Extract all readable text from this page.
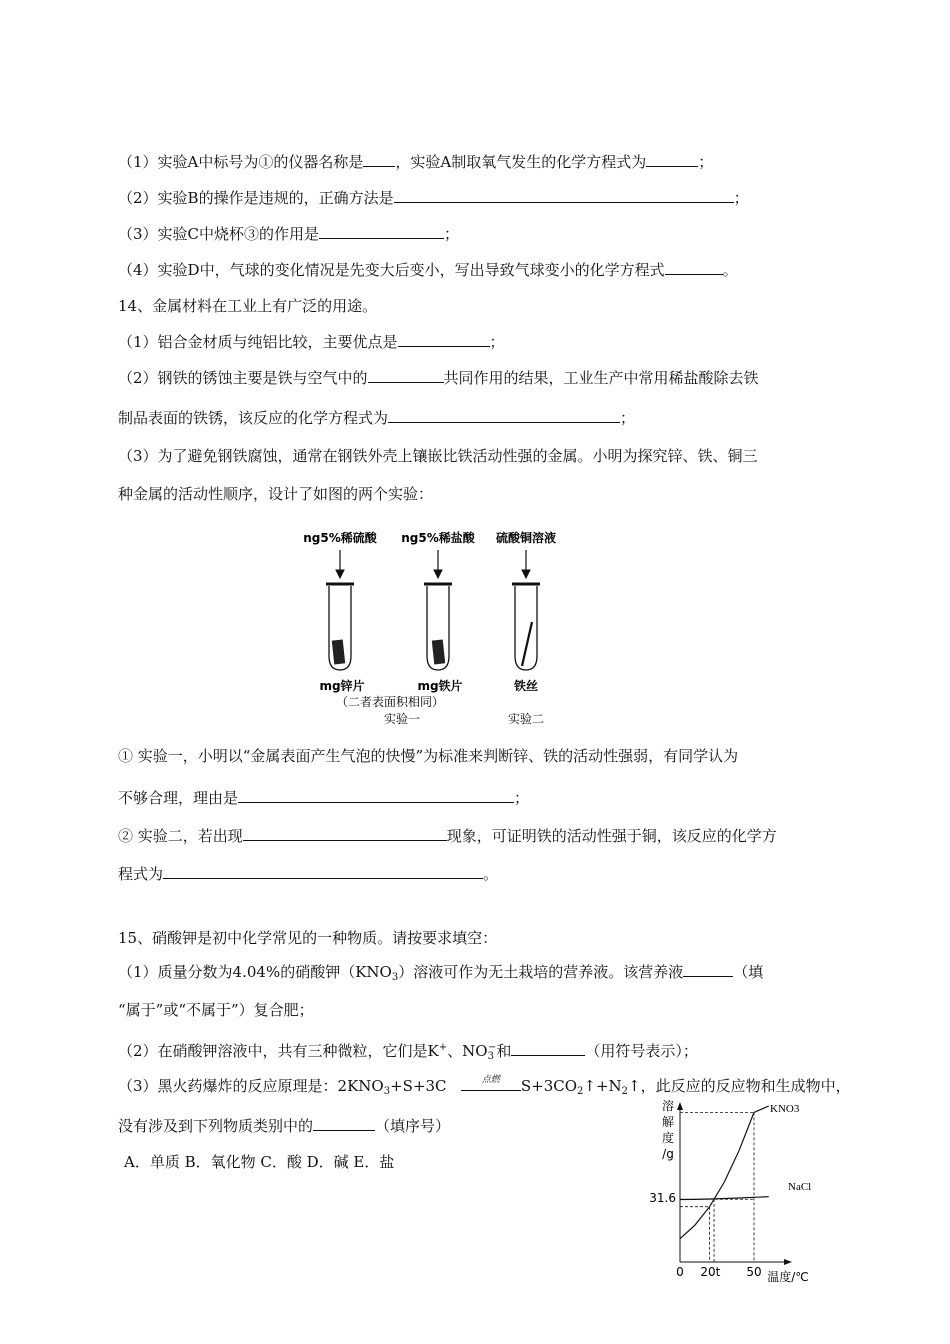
（1）实验A中标号为①的仪器名称是 ，实验A制取氧气发生的化学方程式为	；
（2）实验B的操作是违规的，正确方法是	；
（3）实验C中烧杯③的作用是	；
（4）实验D中，气球的变化情况是先变大后变小，写出导致气球变小的化学方程式	。
14、金属材料在工业上有广泛的用途。
（1）铝合金材质与纯铝比较，主要优点是	；
（2）钢铁的锈蚀主要是铁与空气中的	共同作用的结果，工业生产中常用稀盐酸除去铁
制品表面的铁锈，该反应的化学方程式为	；
（3）为了避免钢铁腐蚀，通常在钢铁外壳上镶嵌比铁活动性强的金属。小明为探究锌、铁、铜三
种金属的活动性顺序，设计了如图的两个实验：
ng5%稀硫酸 ng5%稀盐酸 硫酸铜溶液
mg锌片	mg铁片	铁丝
（二者表面积相同）
实验一	实验二
① 实验一，小明以“金属表面产生气泡的快慢”为标准来判断锌、铁的活动性强弱，有同学认为
不够合理，理由是	；
② 实验二，若出现	现象，可证明铁的活动性强于铜，该反应的化学方
程式为	。
15、硝酸钾是初中化学常见的一种物质。请按要求填空：
（1）质量分数为4.04%的硝酸钾$(KNO_3)$溶液可作为无土栽培的营养液。该营养液	（填
“属于”或“不属于”）复合肥；
（2）在硝酸钾溶液中，共有三种微粒，它们是K+、$NO_3^-$和	（用符号表示）；
（3）黑火药爆炸的反应原理是：$2KNO_3+S+3C$	点燃	$S+3CO_2↑+N_2↑$，此反应的反应物和生成物中，
没有涉及到下列物质类别中的	（填序号）
A．单质 B．氧化物 C．酸 D．碱 E．盐
溶
解
度
/g
温度/℃
0 20 t 50
31.6
KNO3
NaCl
